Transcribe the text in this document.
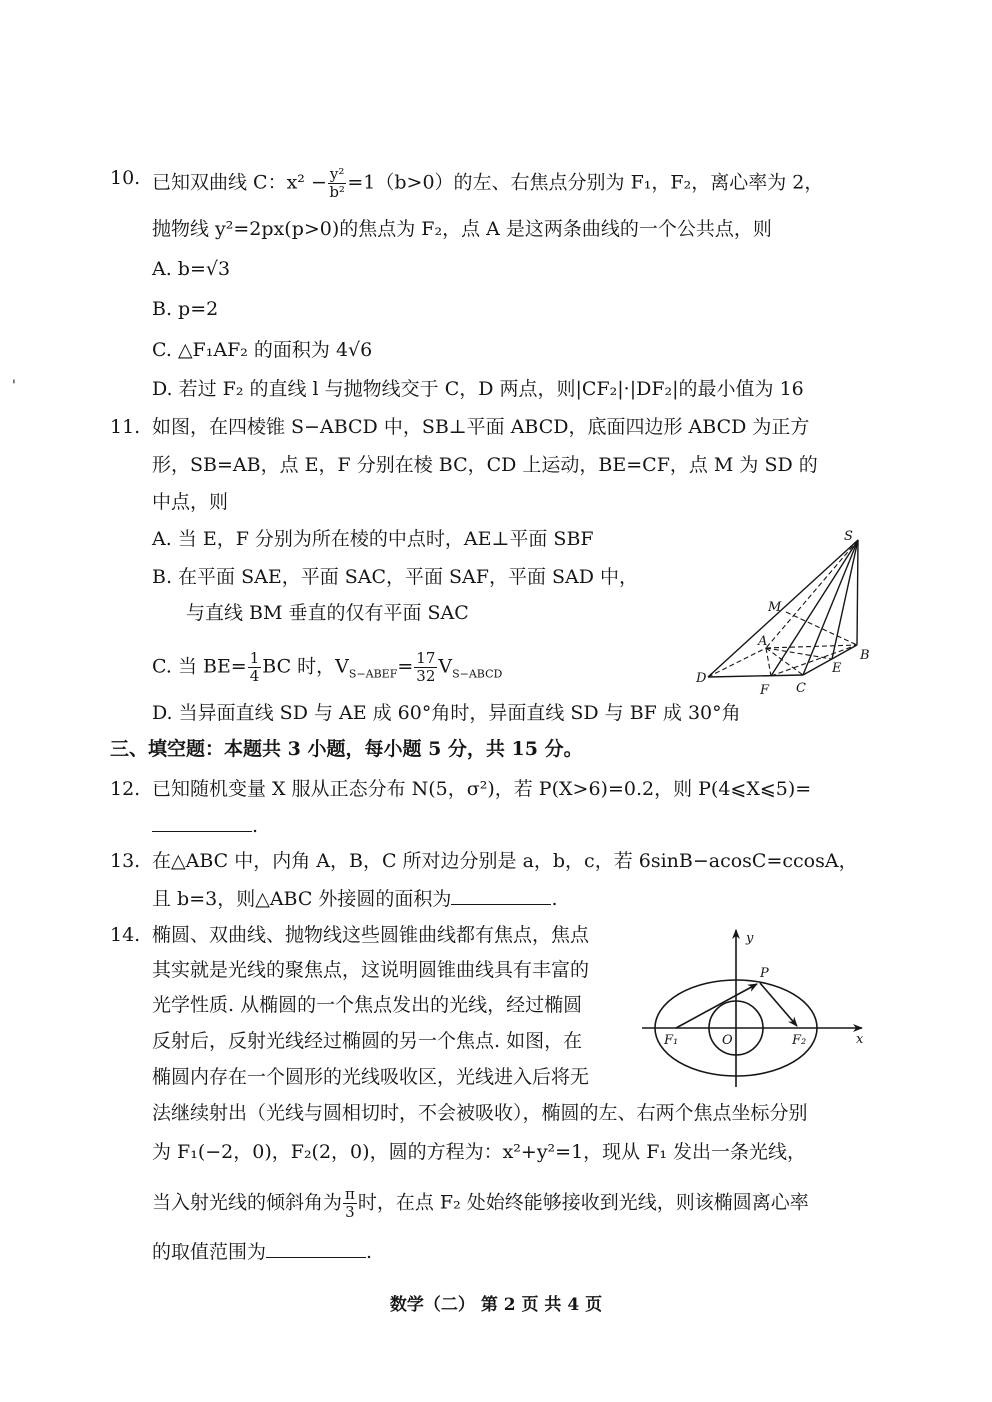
'
10. 已知双曲线 C：$x^2 - \frac{\text{y²}}{\text{b²}} =1(b>0)$的左、右焦点分别为 F₁，F₂，离心率为 2，
抛物线 y²=2px(p>0)的焦点为 F₂，点 A 是这两条曲线的一个公共点，则
A. b=√3
B. p=2
C. △F₁AF₂ 的面积为 4√6
D. 若过 F₂ 的直线 l 与抛物线交于 C，D 两点，则|CF₂|·|DF₂|的最小值为 16
11. 如图，在四棱锥 S−ABCD 中，SB⊥平面 ABCD，底面四边形 ABCD 为正方
形，SB=AB，点 E，F 分别在棱 BC，CD 上运动，BE=CF，点 M 为 SD 的
中点，则
A. 当 E，F 分别为所在棱的中点时，AE⊥平面 SBF
B. 在平面 SAE，平面 SAC，平面 SAF，平面 SAD 中，
与直线 BM 垂直的仅有平面 SAC
C. 当 $BE= \frac{1}{4}$ BC 时，$V_{S-ABEF}= \frac{17}{32} V_{S-ABCD}$
D. 当异面直线 SD 与 AE 成 60°角时，异面直线 SD 与 BF 成 30°角
S
M
A
B
D
E
F C
三、填空题：本题共 3 小题，每小题 5 分，共 15 分。
12. 已知随机变量 X 服从正态分布 N(5，σ²)，若 P(X>6)=0.2，则 P(4⩽X⩽5)=
.
13. 在△ABC 中，内角 A，B，C 所对边分别是 a，b，c，若 6sinB−acosC=ccosA，
且 b=3，则△ABC 外接圆的面积为	.
14. 椭圆、双曲线、抛物线这些圆锥曲线都有焦点，焦点
其实就是光线的聚焦点，这说明圆锥曲线具有丰富的
光学性质. 从椭圆的一个焦点发出的光线，经过椭圆
反射后，反射光线经过椭圆的另一个焦点. 如图，在
椭圆内存在一个圆形的光线吸收区，光线进入后将无
法继续射出（光线与圆相切时，不会被吸收），椭圆的左、右两个焦点坐标分别
为 F₁(−2，0)，F₂(2，0)，圆的方程为：x²+y²=1，现从 F₁ 发出一条光线，
当入射光线的倾斜角为 $\frac{\pi}{3}$ 时，在点 F₂ 处始终能够接收到光线，则该椭圆离心率
的取值范围为	.
y
x
P
O
F₁	F₂
数学（二） 第 2 页 共 4 页
